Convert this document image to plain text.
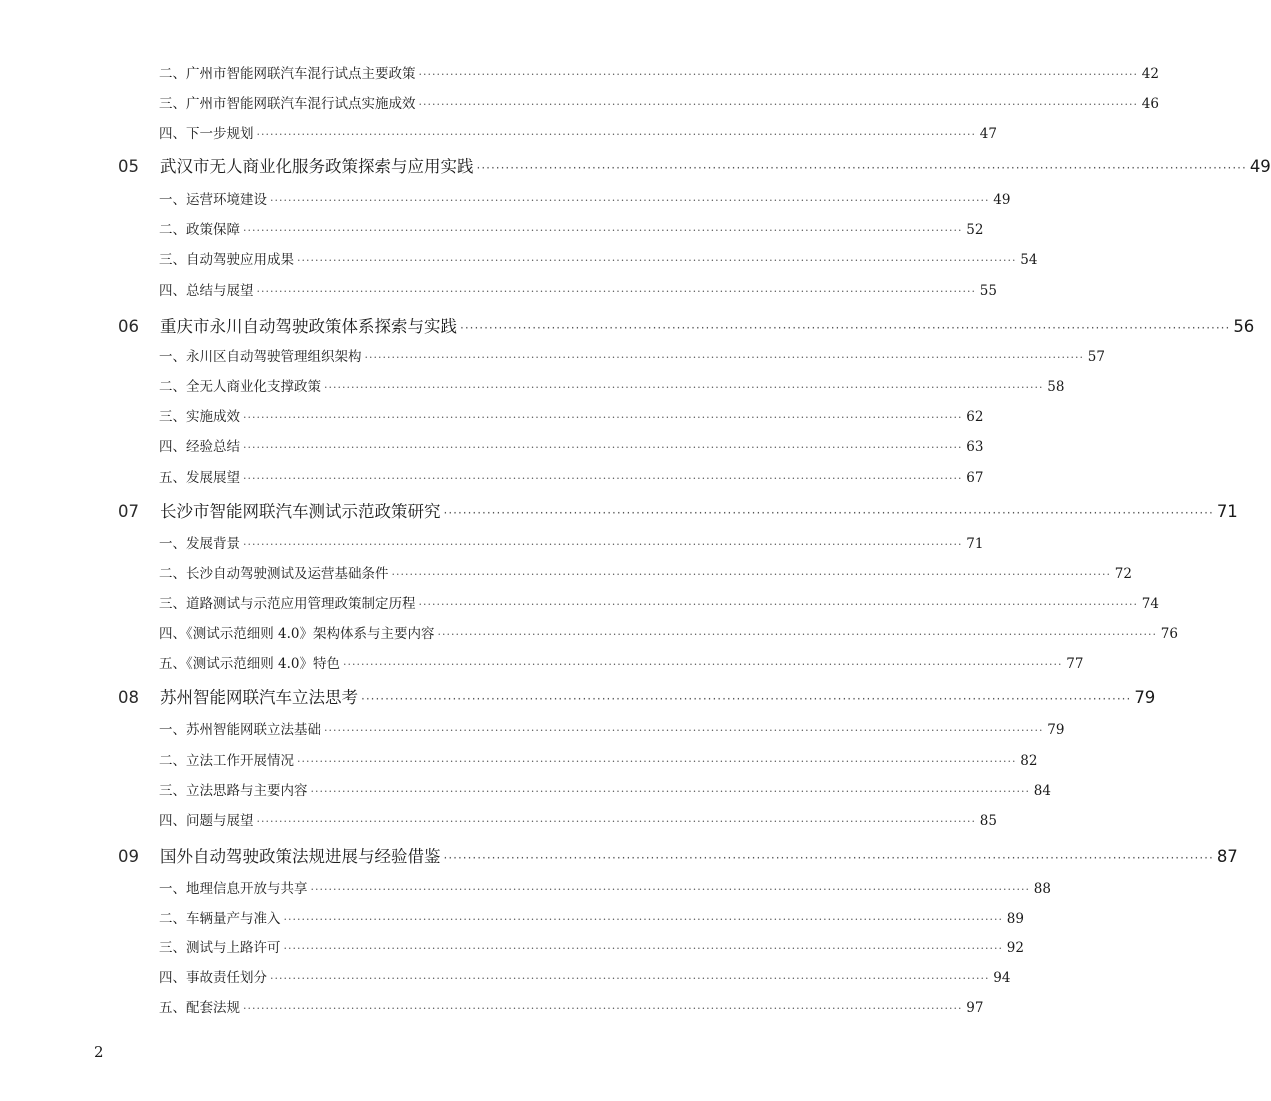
二、广州市智能网联汽车混行试点主要政策 ································································································································································ 42
三、广州市智能网联汽车混行试点实施成效 ································································································································································ 46
四、下一步规划 ································································································································································ 47
05	武汉市无人商业化服务政策探索与应用实践 ································································································································································ 49
一、运营环境建设 ································································································································································ 49
二、政策保障 ································································································································································ 52
三、自动驾驶应用成果 ································································································································································ 54
四、总结与展望 ································································································································································ 55
06	重庆市永川自动驾驶政策体系探索与实践 ································································································································································ 56
一、永川区自动驾驶管理组织架构 ································································································································································ 57
二、全无人商业化支撑政策 ································································································································································ 58
三、实施成效 ································································································································································ 62
四、经验总结 ································································································································································ 63
五、发展展望 ································································································································································ 67
07	长沙市智能网联汽车测试示范政策研究 ································································································································································ 71
一、发展背景 ································································································································································ 71
二、长沙自动驾驶测试及运营基础条件 ································································································································································ 72
三、道路测试与示范应用管理政策制定历程 ································································································································································ 74
四、《测试示范细则 4.0》架构体系与主要内容 ································································································································································ 76
五、《测试示范细则 4.0》特色 ································································································································································ 77
08	苏州智能网联汽车立法思考 ································································································································································ 79
一、苏州智能网联立法基础 ································································································································································ 79
二、立法工作开展情况 ································································································································································ 82
三、立法思路与主要内容 ································································································································································ 84
四、问题与展望 ································································································································································ 85
09	国外自动驾驶政策法规进展与经验借鉴 ································································································································································ 87
一、地理信息开放与共享 ································································································································································ 88
二、车辆量产与准入 ································································································································································ 89
三、测试与上路许可 ································································································································································ 92
四、事故责任划分 ································································································································································ 94
五、配套法规 ································································································································································ 97
2
